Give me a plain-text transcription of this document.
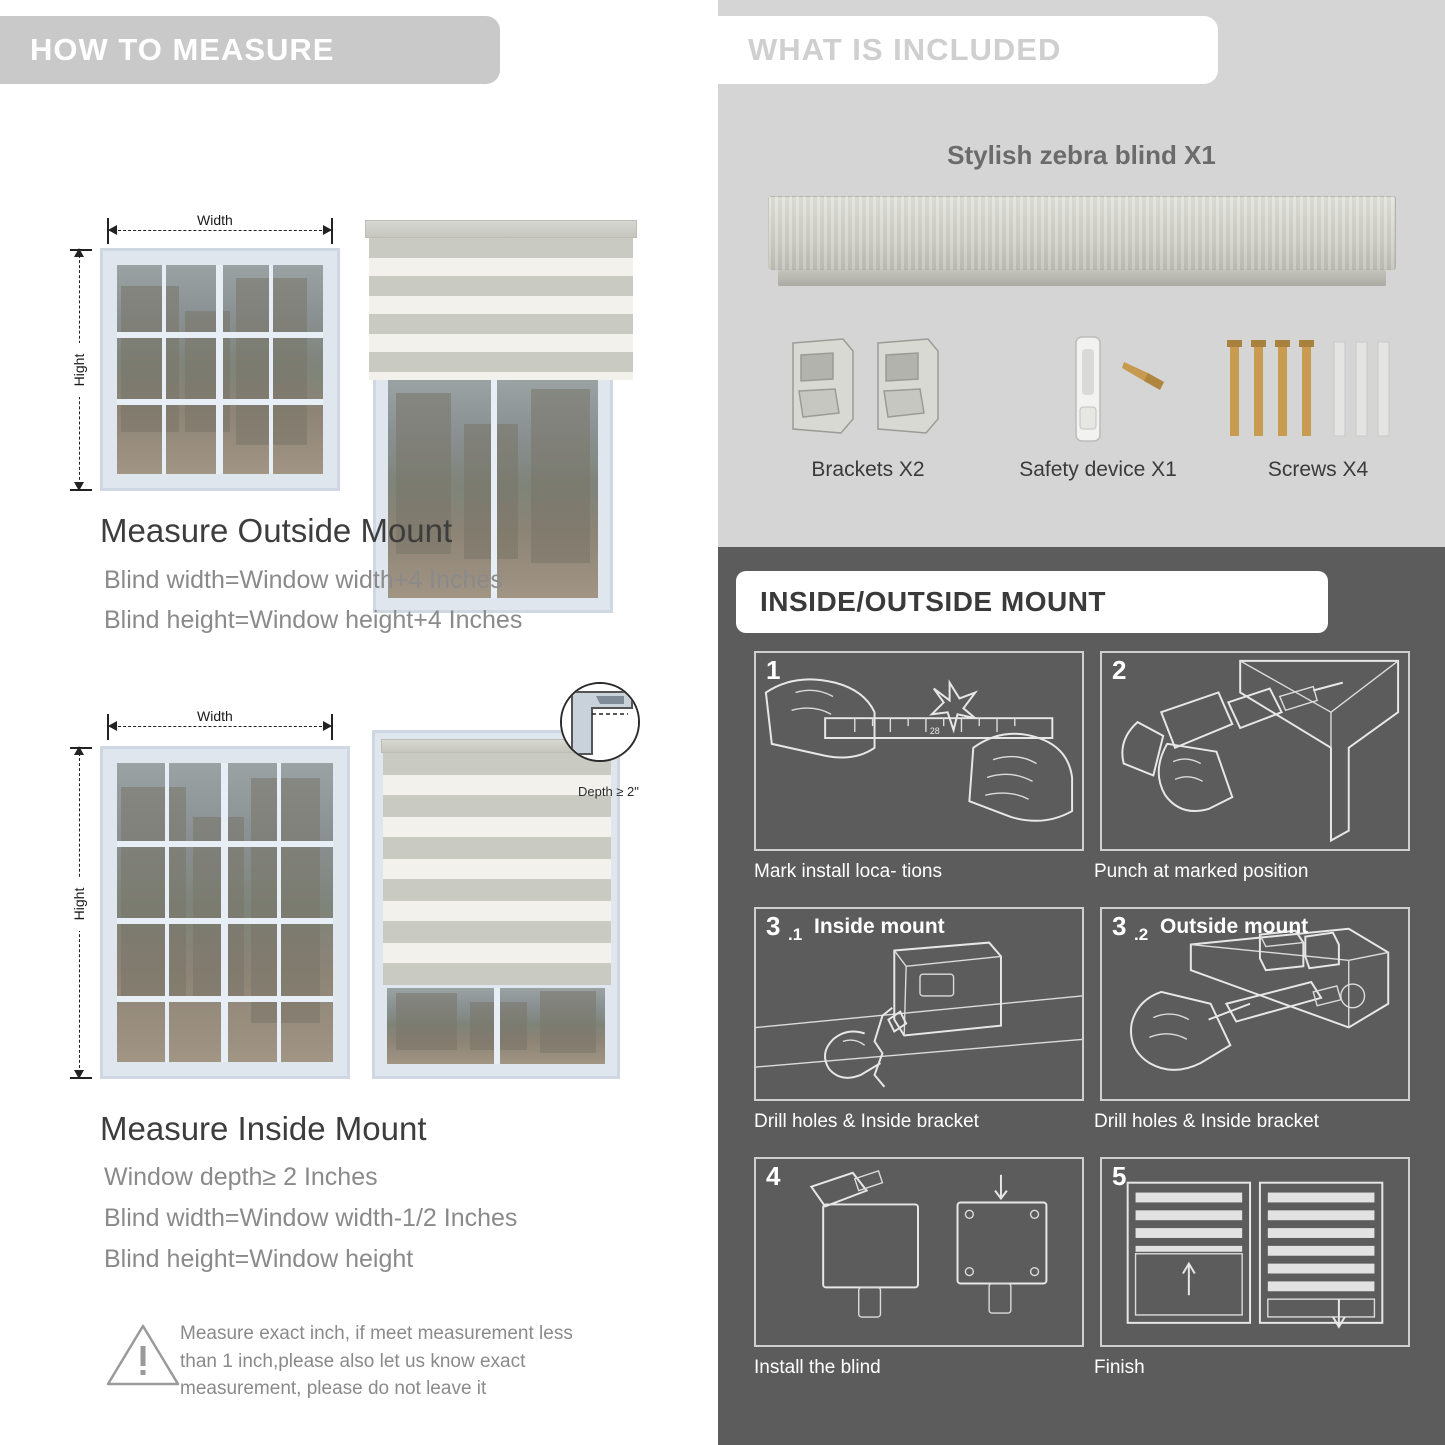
HOW TO MEASURE
Width
Hight
Measure Outside Mount
Blind width=Window width+4 Inches
Blind height=Window height+4 Inches
Width
Hight
Depth ≥ 2"
Measure Inside Mount
Window depth≥ 2 Inches
Blind width=Window width-1/2 Inches
Blind height=Window height
Measure exact inch, if meet measurement less than 1 inch,please also let us know exact measurement, please do not leave it
WHAT IS INCLUDED
Stylish zebra blind X1
Brackets X2	Safety device X1	Screws X4
INSIDE/OUTSIDE MOUNT
28
1
Mark install loca- tions
2
Punch at marked position
3 .1 Inside mount
Drill holes & Inside bracket
3 .2 Outside mount
Drill holes & Inside bracket
4
Install the blind
5
Finish
